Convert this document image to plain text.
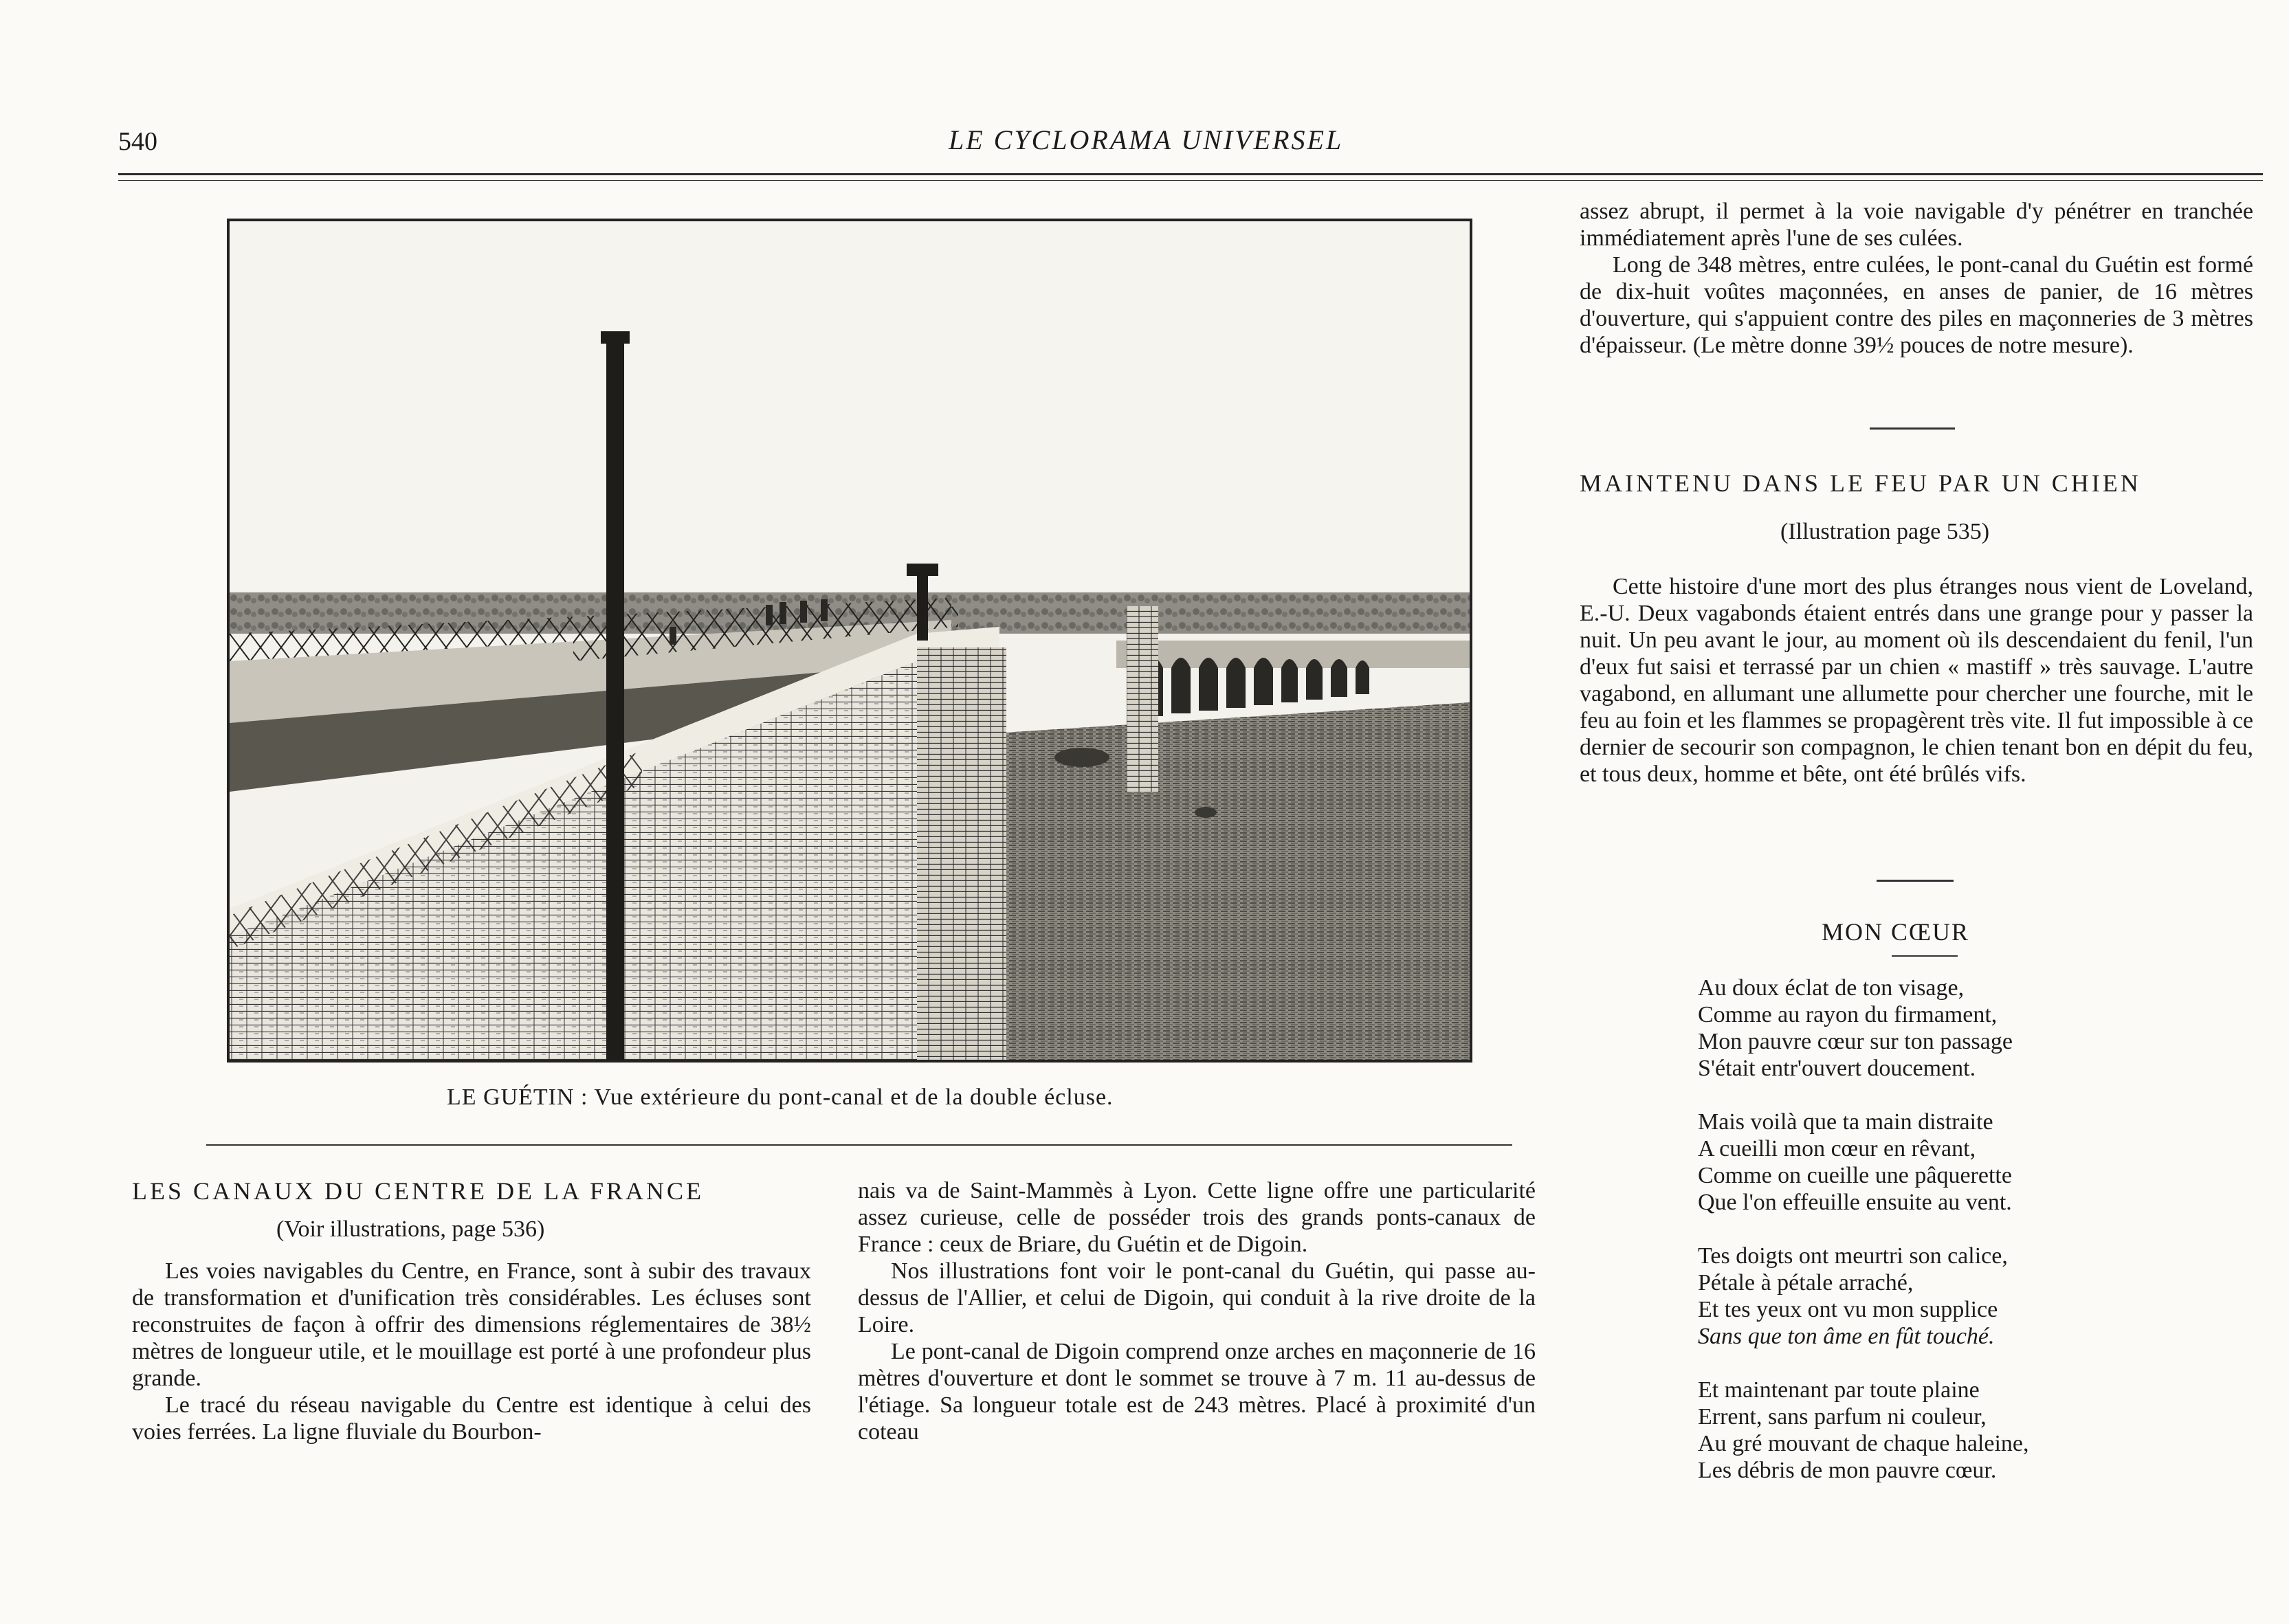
540	LE CYCLORAMA UNIVERSEL
LE GUÉTIN : Vue extérieure du pont-canal et de la double écluse.
LES CANAUX DU CENTRE DE LA FRANCE
(Voir illustrations, page 536)

Les voies navigables du Centre, en France, sont à subir des travaux de transformation et d'unification très considérables. Les écluses sont reconstruites de façon à offrir des dimensions réglementaires de 38½ mètres de longueur utile, et le mouillage est porté à une profondeur plus grande.

Le tracé du réseau navigable du Centre est identique à celui des voies ferrées. La ligne fluviale du Bourbon-

nais va de Saint-Mammès à Lyon. Cette ligne offre une particularité assez curieuse, celle de posséder trois des grands ponts-canaux de France : ceux de Briare, du Guétin et de Digoin.

Nos illustrations font voir le pont-canal du Guétin, qui passe au-dessus de l'Allier, et celui de Digoin, qui conduit à la rive droite de la Loire.

Le pont-canal de Digoin comprend onze arches en maçonnerie de 16 mètres d'ouverture et dont le sommet se trouve à 7 m. 11 au-dessus de l'étiage. Sa longueur totale est de 243 mètres. Placé à proximité d'un coteau

assez abrupt, il permet à la voie navigable d'y pénétrer en tranchée immédiatement après l'une de ses culées.

Long de 348 mètres, entre culées, le pont-canal du Guétin est formé de dix-huit voûtes maçonnées, en anses de panier, de 16 mètres d'ouverture, qui s'appuient contre des piles en maçonneries de 3 mètres d'épaisseur. (Le mètre donne 39½ pouces de notre mesure).

MAINTENU DANS LE FEU PAR UN CHIEN
(Illustration page 535)

Cette histoire d'une mort des plus étranges nous vient de Loveland, E.-U. Deux vagabonds étaient entrés dans une grange pour y passer la nuit. Un peu avant le jour, au moment où ils descendaient du fenil, l'un d'eux fut saisi et terrassé par un chien « mastiff » très sauvage. L'autre vagabond, en allumant une allumette pour chercher une fourche, mit le feu au foin et les flammes se propagèrent très vite. Il fut impossible à ce dernier de secourir son compagnon, le chien tenant bon en dépit du feu, et tous deux, homme et bête, ont été brûlés vifs.

MON CŒUR
Au doux éclat de ton visage,
Comme au rayon du firmament,
Mon pauvre cœur sur ton passage
S'était entr'ouvert doucement.
Mais voilà que ta main distraite
A cueilli mon cœur en rêvant,
Comme on cueille une pâquerette
Que l'on effeuille ensuite au vent.
Tes doigts ont meurtri son calice,
Pétale à pétale arraché,
Et tes yeux ont vu mon supplice
Sans que ton âme en fût touché.
Et maintenant par toute plaine
Errent, sans parfum ni couleur,
Au gré mouvant de chaque haleine,
Les débris de mon pauvre cœur.
